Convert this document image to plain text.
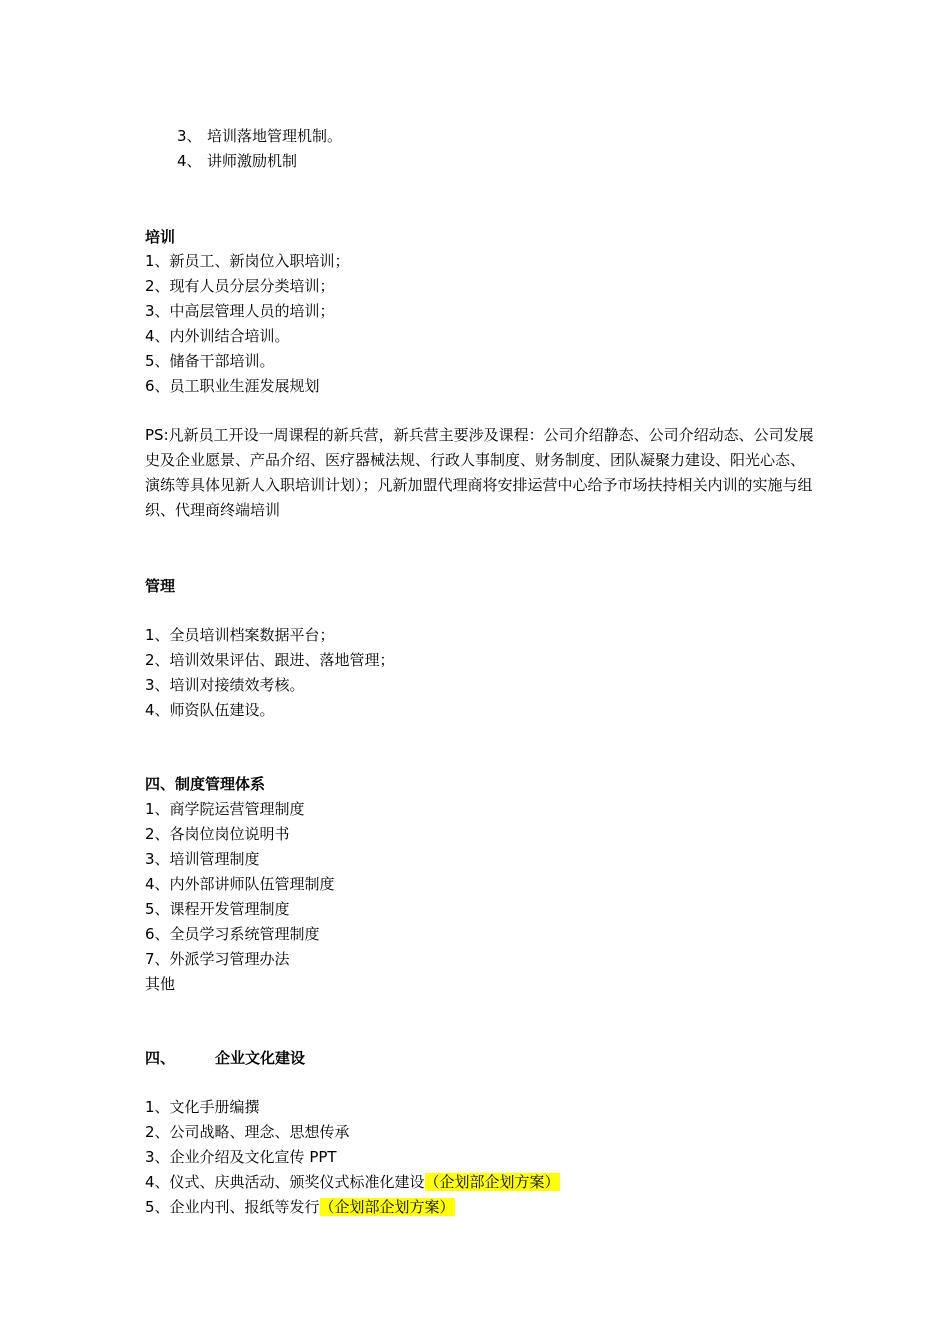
3、 培训落地管理机制。
4、 讲师激励机制
培训
1、新员工、新岗位入职培训；
2、现有人员分层分类培训；
3、中高层管理人员的培训；
4、内外训结合培训。
5、储备干部培训。
6、员工职业生涯发展规划
PS:凡新员工开设一周课程的新兵营，新兵营主要涉及课程：公司介绍静态、公司介绍动态、公司发展史及企业愿景、产品介绍、医疗器械法规、行政人事制度、财务制度、团队凝聚力建设、阳光心态、演练等具体见新人入职培训计划）；凡新加盟代理商将安排运营中心给予市场扶持相关内训的实施与组织、代理商终端培训
管理
1、全员培训档案数据平台；
2、培训效果评估、跟进、落地管理；
3、培训对接绩效考核。
4、师资队伍建设。
四、制度管理体系
1、商学院运营管理制度
2、各岗位岗位说明书
3、培训管理制度
4、内外部讲师队伍管理制度
5、课程开发管理制度
6、全员学习系统管理制度
7、外派学习管理办法
其他
四、	企业文化建设
1、文化手册编撰
2、公司战略、理念、思想传承
3、企业介绍及文化宣传 PPT
4、仪式、庆典活动、颁奖仪式标准化建设（企划部企划方案）
5、企业内刊、报纸等发行（企划部企划方案）
